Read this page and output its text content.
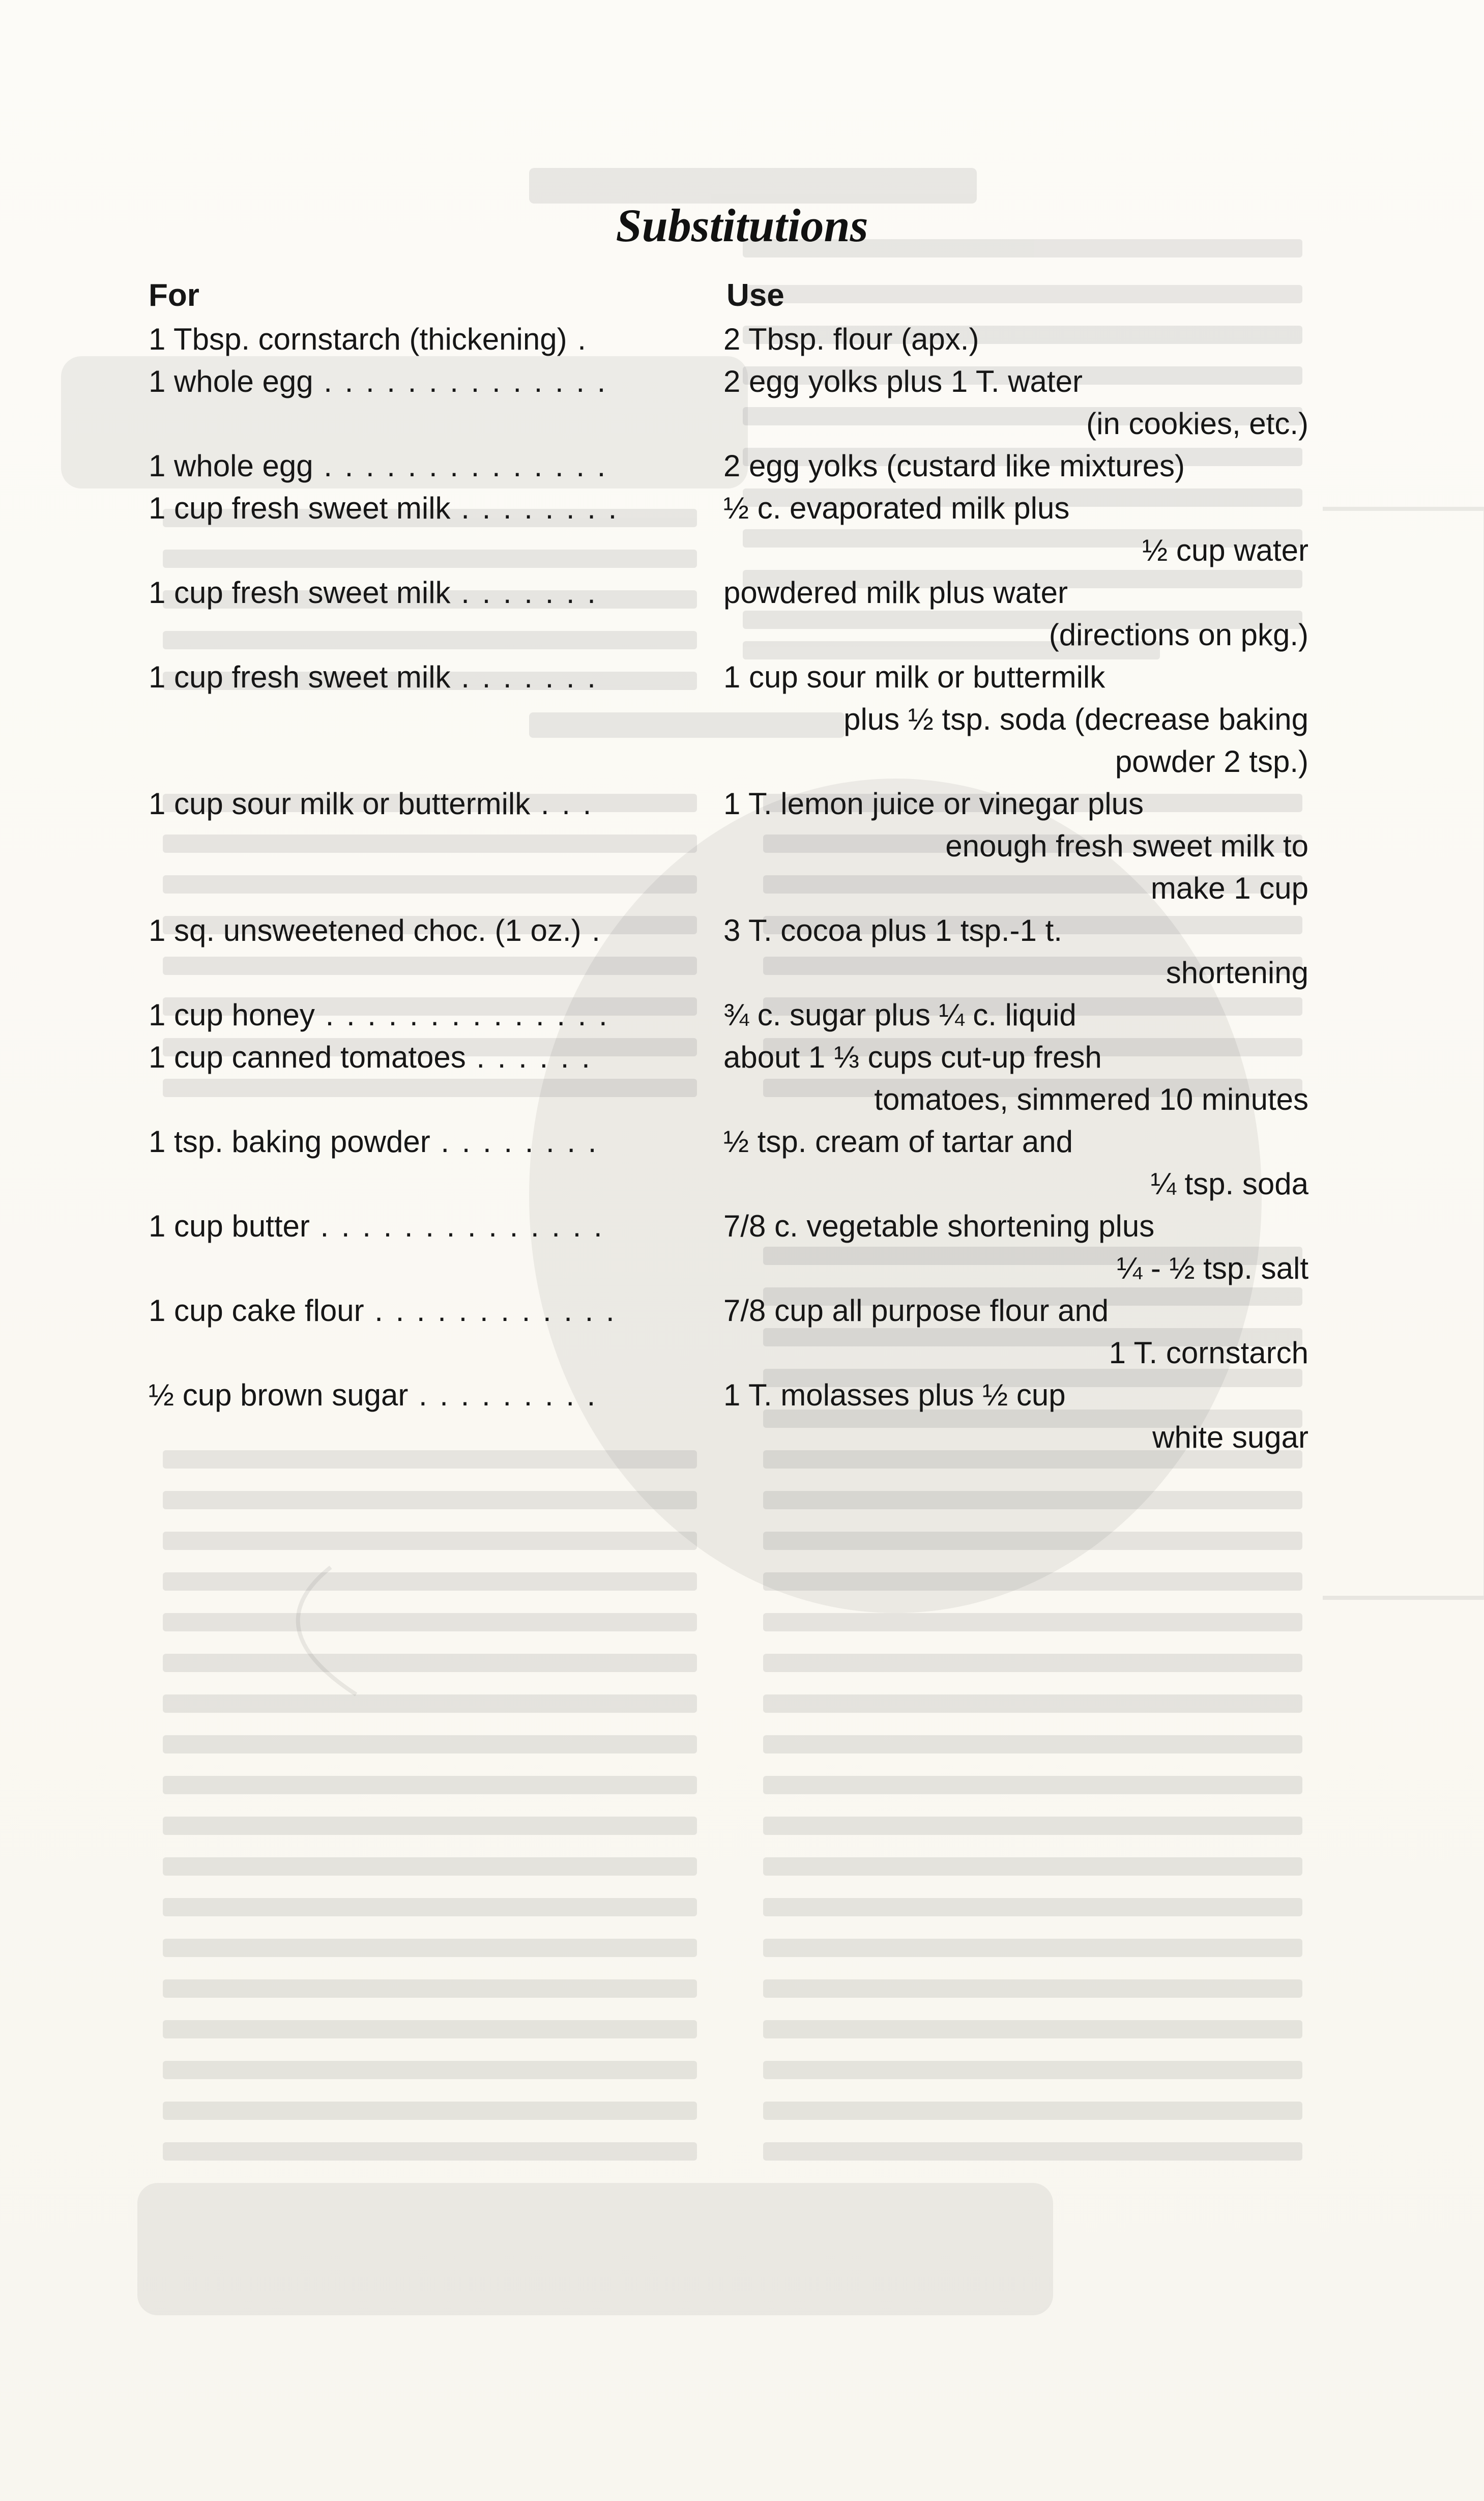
Substitutions
For	Use
1 Tbsp. cornstarch (thickening) .	2 Tbsp. flour (apx.)
1 whole egg . . . . . . . . . . . . . .	2 egg yolks plus 1 T. water
(in cookies, etc.)
1 whole egg . . . . . . . . . . . . . .	2 egg yolks (custard like mixtures)
1 cup fresh sweet milk . . . . . . . .	½ c. evaporated milk plus
½ cup water
1 cup fresh sweet milk . . . . . . .	powdered milk plus water
(directions on pkg.)
1 cup fresh sweet milk . . . . . . .	1 cup sour milk or buttermilk
plus ½ tsp. soda (decrease baking
powder 2 tsp.)
1 cup sour milk or buttermilk . . .	1 T. lemon juice or vinegar plus
enough fresh sweet milk to
make 1 cup
1 sq. unsweetened choc. (1 oz.) .	3 T. cocoa plus 1 tsp.-1 t.
shortening
1 cup honey . . . . . . . . . . . . . .	¾ c. sugar plus ¼ c. liquid
1 cup canned tomatoes . . . . . .	about 1 ⅓ cups cut-up fresh
tomatoes, simmered 10 minutes
1 tsp. baking powder . . . . . . . .	½ tsp. cream of tartar and
¼ tsp. soda
1 cup butter . . . . . . . . . . . . . .	7/8 c. vegetable shortening plus
¼ - ½ tsp. salt
1 cup cake flour . . . . . . . . . . . .	7/8 cup all purpose flour and
1 T. cornstarch
½ cup brown sugar . . . . . . . . .	1 T. molasses plus ½ cup
white sugar
